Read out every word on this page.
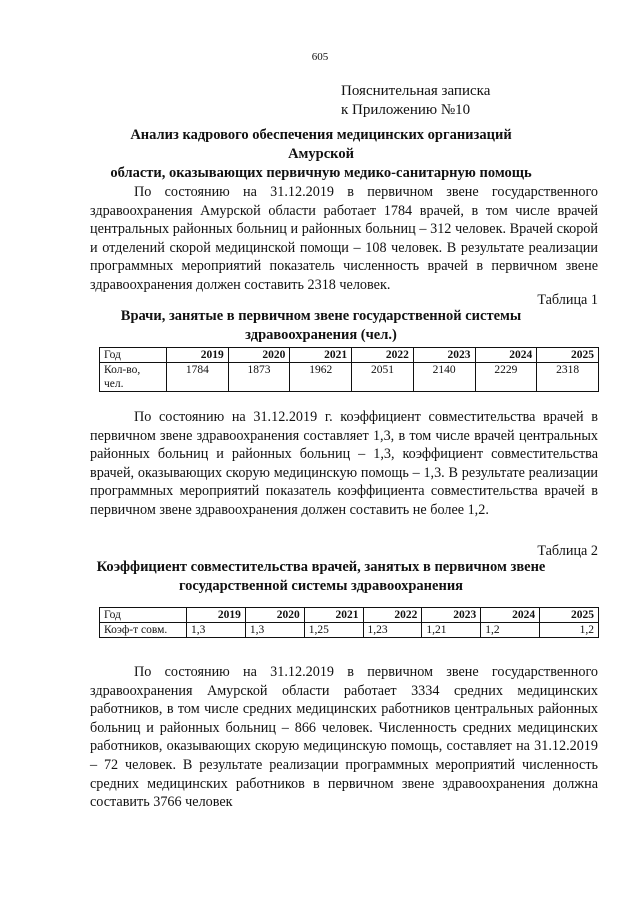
605
Пояснительная записка
к Приложению №10
Анализ кадрового обеспечения медицинских организаций Амурской
области, оказывающих первичную медико-санитарную помощь
По состоянию на 31.12.2019 в первичном звене государственного здравоохранения Амурской области работает 1784 врачей, в том числе врачей центральных районных больниц и районных больниц – 312 человек. Врачей скорой и отделений скорой медицинской помощи – 108 человек. В результате реализации программных мероприятий показатель численность врачей в первичном звене здравоохранения должен составить 2318 человек.
Таблица 1
Врачи, занятые в первичном звене государственной системы
здравоохранения (чел.)
Год	2019	2020	2021	2022	2023	2024	2025
Кол-во, чел.	1784	1873	1962	2051	2140	2229	2318
По состоянию на 31.12.2019 г. коэффициент совместительства врачей в первичном звене здравоохранения составляет 1,3, в том числе врачей центральных районных больниц и районных больниц – 1,3, коэффициент совместительства врачей, оказывающих скорую медицинскую помощь – 1,3. В результате реализации программных мероприятий показатель коэффициента совместительства врачей в первичном звене здравоохранения должен составить не более 1,2.
Таблица 2
Коэффициент совместительства врачей, занятых в первичном звене
государственной системы здравоохранения
Год	2019	2020	2021	2022	2023	2024	2025
Коэф-т совм.	1,3	1,3	1,25	1,23	1,21	1,2	1,2
По состоянию на 31.12.2019 в первичном звене государственного здравоохранения Амурской области работает 3334 средних медицинских работников, в том числе средних медицинских работников центральных районных больниц и районных больниц – 866 человек. Численность средних медицинских работников, оказывающих скорую медицинскую помощь, составляет на 31.12.2019 – 72 человек. В результате реализации программных мероприятий численность средних медицинских работников в первичном звене здравоохранения должна составить 3766 человек
